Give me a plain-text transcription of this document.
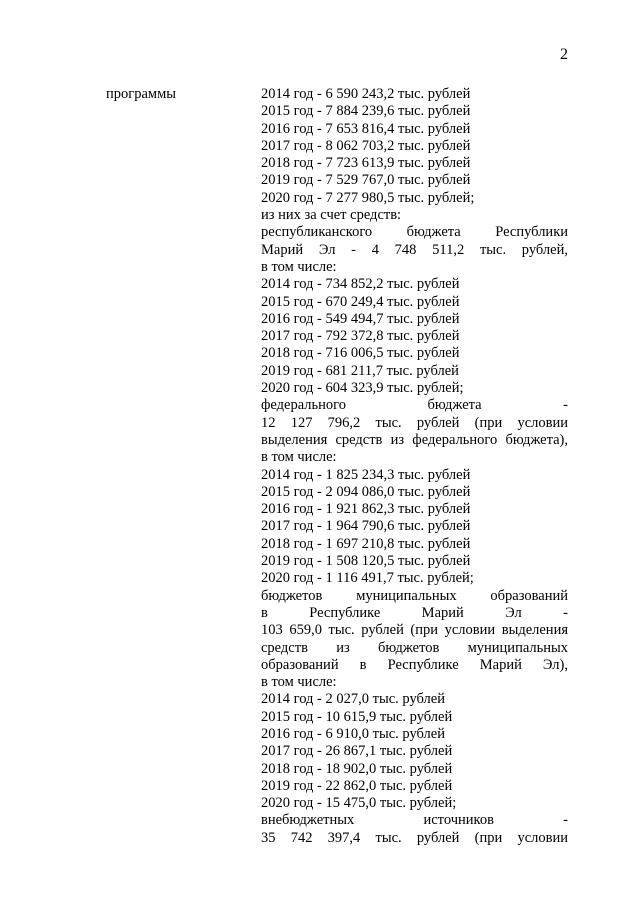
2
программы	2014 год - 6 590 243,2 тыс. рублей
2015 год - 7 884 239,6 тыс. рублей
2016 год - 7 653 816,4 тыс. рублей
2017 год - 8 062 703,2 тыс. рублей
2018 год - 7 723 613,9 тыс. рублей
2019 год - 7 529 767,0 тыс. рублей
2020 год - 7 277 980,5 тыс. рублей;
из них за счет средств:
республиканского бюджета Республики
Марий Эл - 4 748 511,2 тыс. рублей,
в том числе:
2014 год - 734 852,2 тыс. рублей
2015 год - 670 249,4 тыс. рублей
2016 год - 549 494,7 тыс. рублей
2017 год - 792 372,8 тыс. рублей
2018 год - 716 006,5 тыс. рублей
2019 год - 681 211,7 тыс. рублей
2020 год - 604 323,9 тыс. рублей;
федерального бюджета -
12 127 796,2 тыс. рублей (при условии
выделения средств из федерального бюджета),
в том числе:
2014 год - 1 825 234,3 тыс. рублей
2015 год - 2 094 086,0 тыс. рублей
2016 год - 1 921 862,3 тыс. рублей
2017 год - 1 964 790,6 тыс. рублей
2018 год - 1 697 210,8 тыс. рублей
2019 год - 1 508 120,5 тыс. рублей
2020 год - 1 116 491,7 тыс. рублей;
бюджетов муниципальных образований
в Республике Марий Эл -
103 659,0 тыс. рублей (при условии выделения
средств из бюджетов муниципальных
образований в Республике Марий Эл),
в том числе:
2014 год - 2 027,0 тыс. рублей
2015 год - 10 615,9 тыс. рублей
2016 год - 6 910,0 тыс. рублей
2017 год - 26 867,1 тыс. рублей
2018 год - 18 902,0 тыс. рублей
2019 год - 22 862,0 тыс. рублей
2020 год - 15 475,0 тыс. рублей;
внебюджетных источников -
35 742 397,4 тыс. рублей (при условии
